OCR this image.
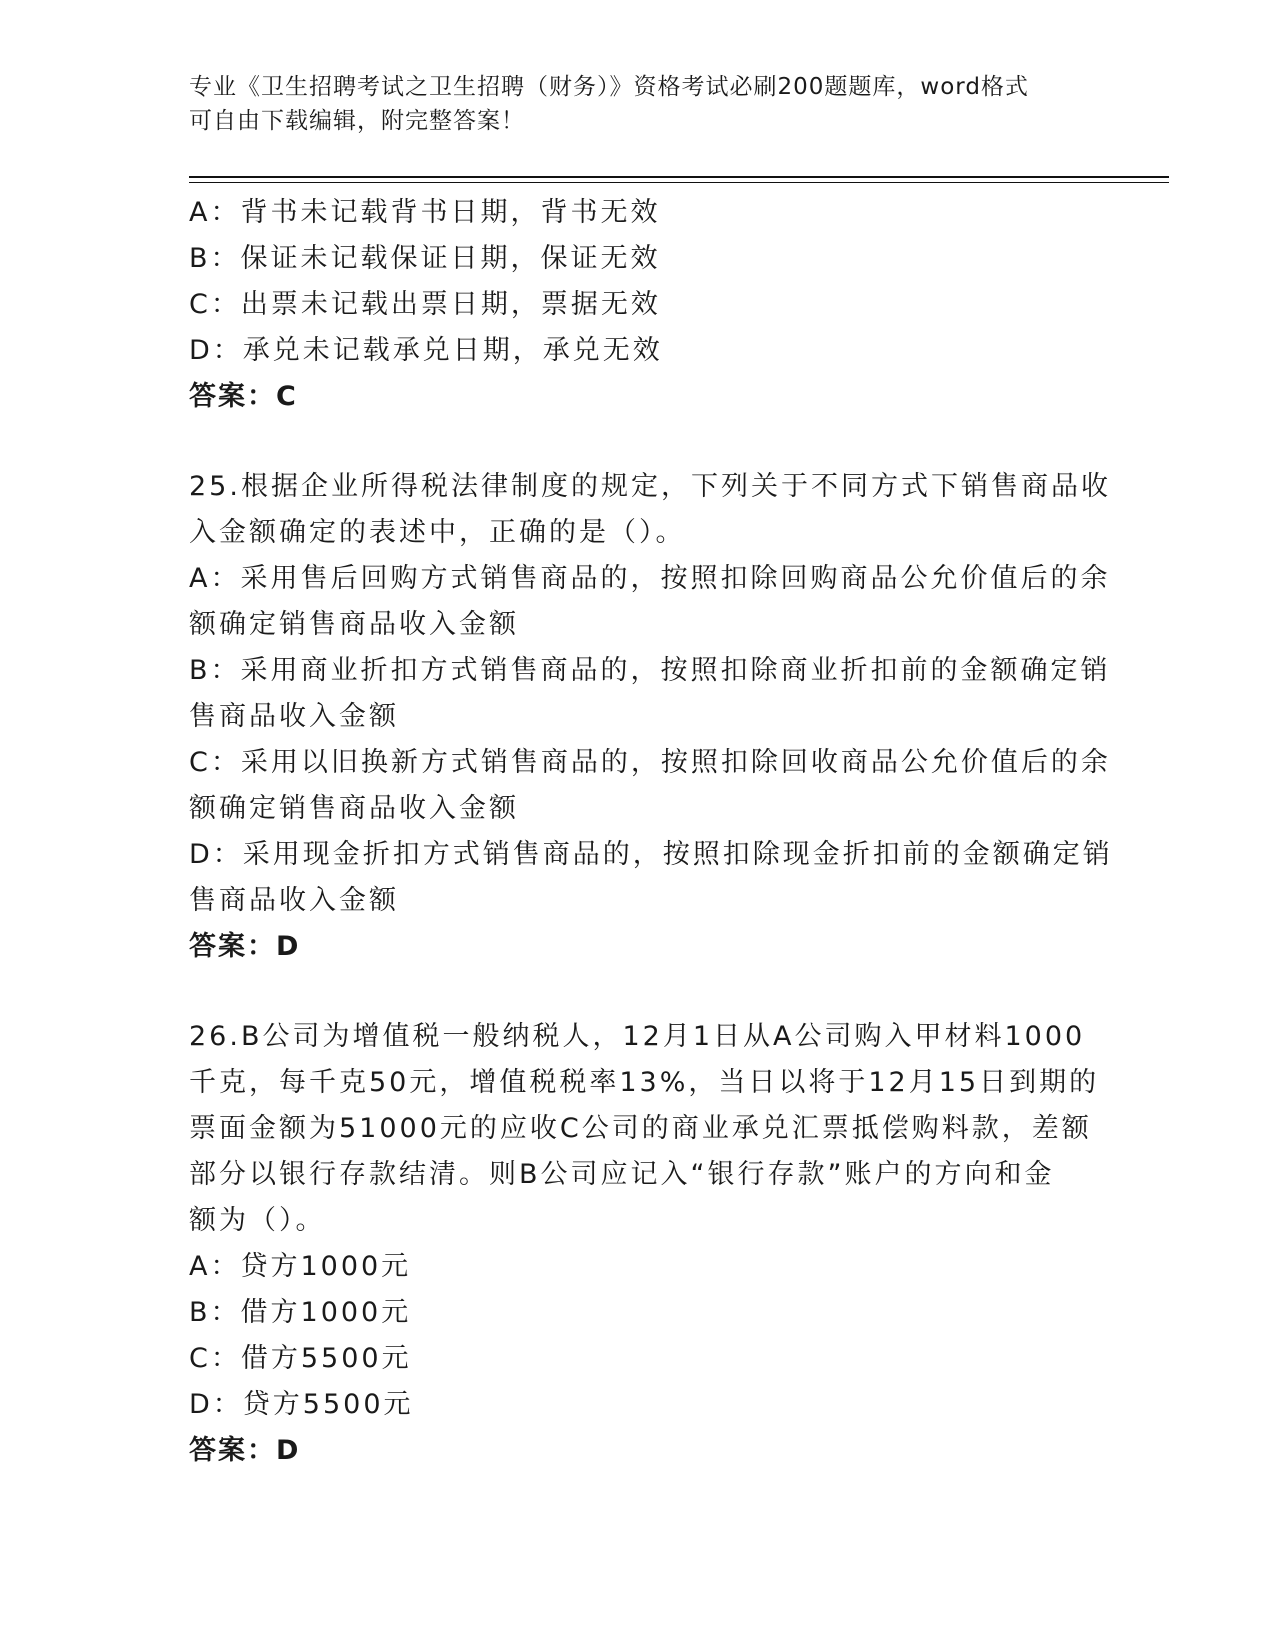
专业《卫生招聘考试之卫生招聘（财务）》资格考试必刷200题题库，word格式
可自由下载编辑，附完整答案！
A：背书未记载背书日期，背书无效
B：保证未记载保证日期，保证无效
C：出票未记载出票日期，票据无效
D：承兑未记载承兑日期，承兑无效
答案：C
25.根据企业所得税法律制度的规定，下列关于不同方式下销售商品收
入金额确定的表述中，正确的是（）。
A：采用售后回购方式销售商品的，按照扣除回购商品公允价值后的余
额确定销售商品收入金额
B：采用商业折扣方式销售商品的，按照扣除商业折扣前的金额确定销
售商品收入金额
C：采用以旧换新方式销售商品的，按照扣除回收商品公允价值后的余
额确定销售商品收入金额
D：采用现金折扣方式销售商品的，按照扣除现金折扣前的金额确定销
售商品收入金额
答案：D
26.B公司为增值税一般纳税人，12月1日从A公司购入甲材料1000
千克，每千克50元，增值税税率13%，当日以将于12月15日到期的
票面金额为51000元的应收C公司的商业承兑汇票抵偿购料款，差额
部分以银行存款结清。则B公司应记入“银行存款”账户的方向和金
额为（）。
A：贷方1000元
B：借方1000元
C：借方5500元
D：贷方5500元
答案：D
